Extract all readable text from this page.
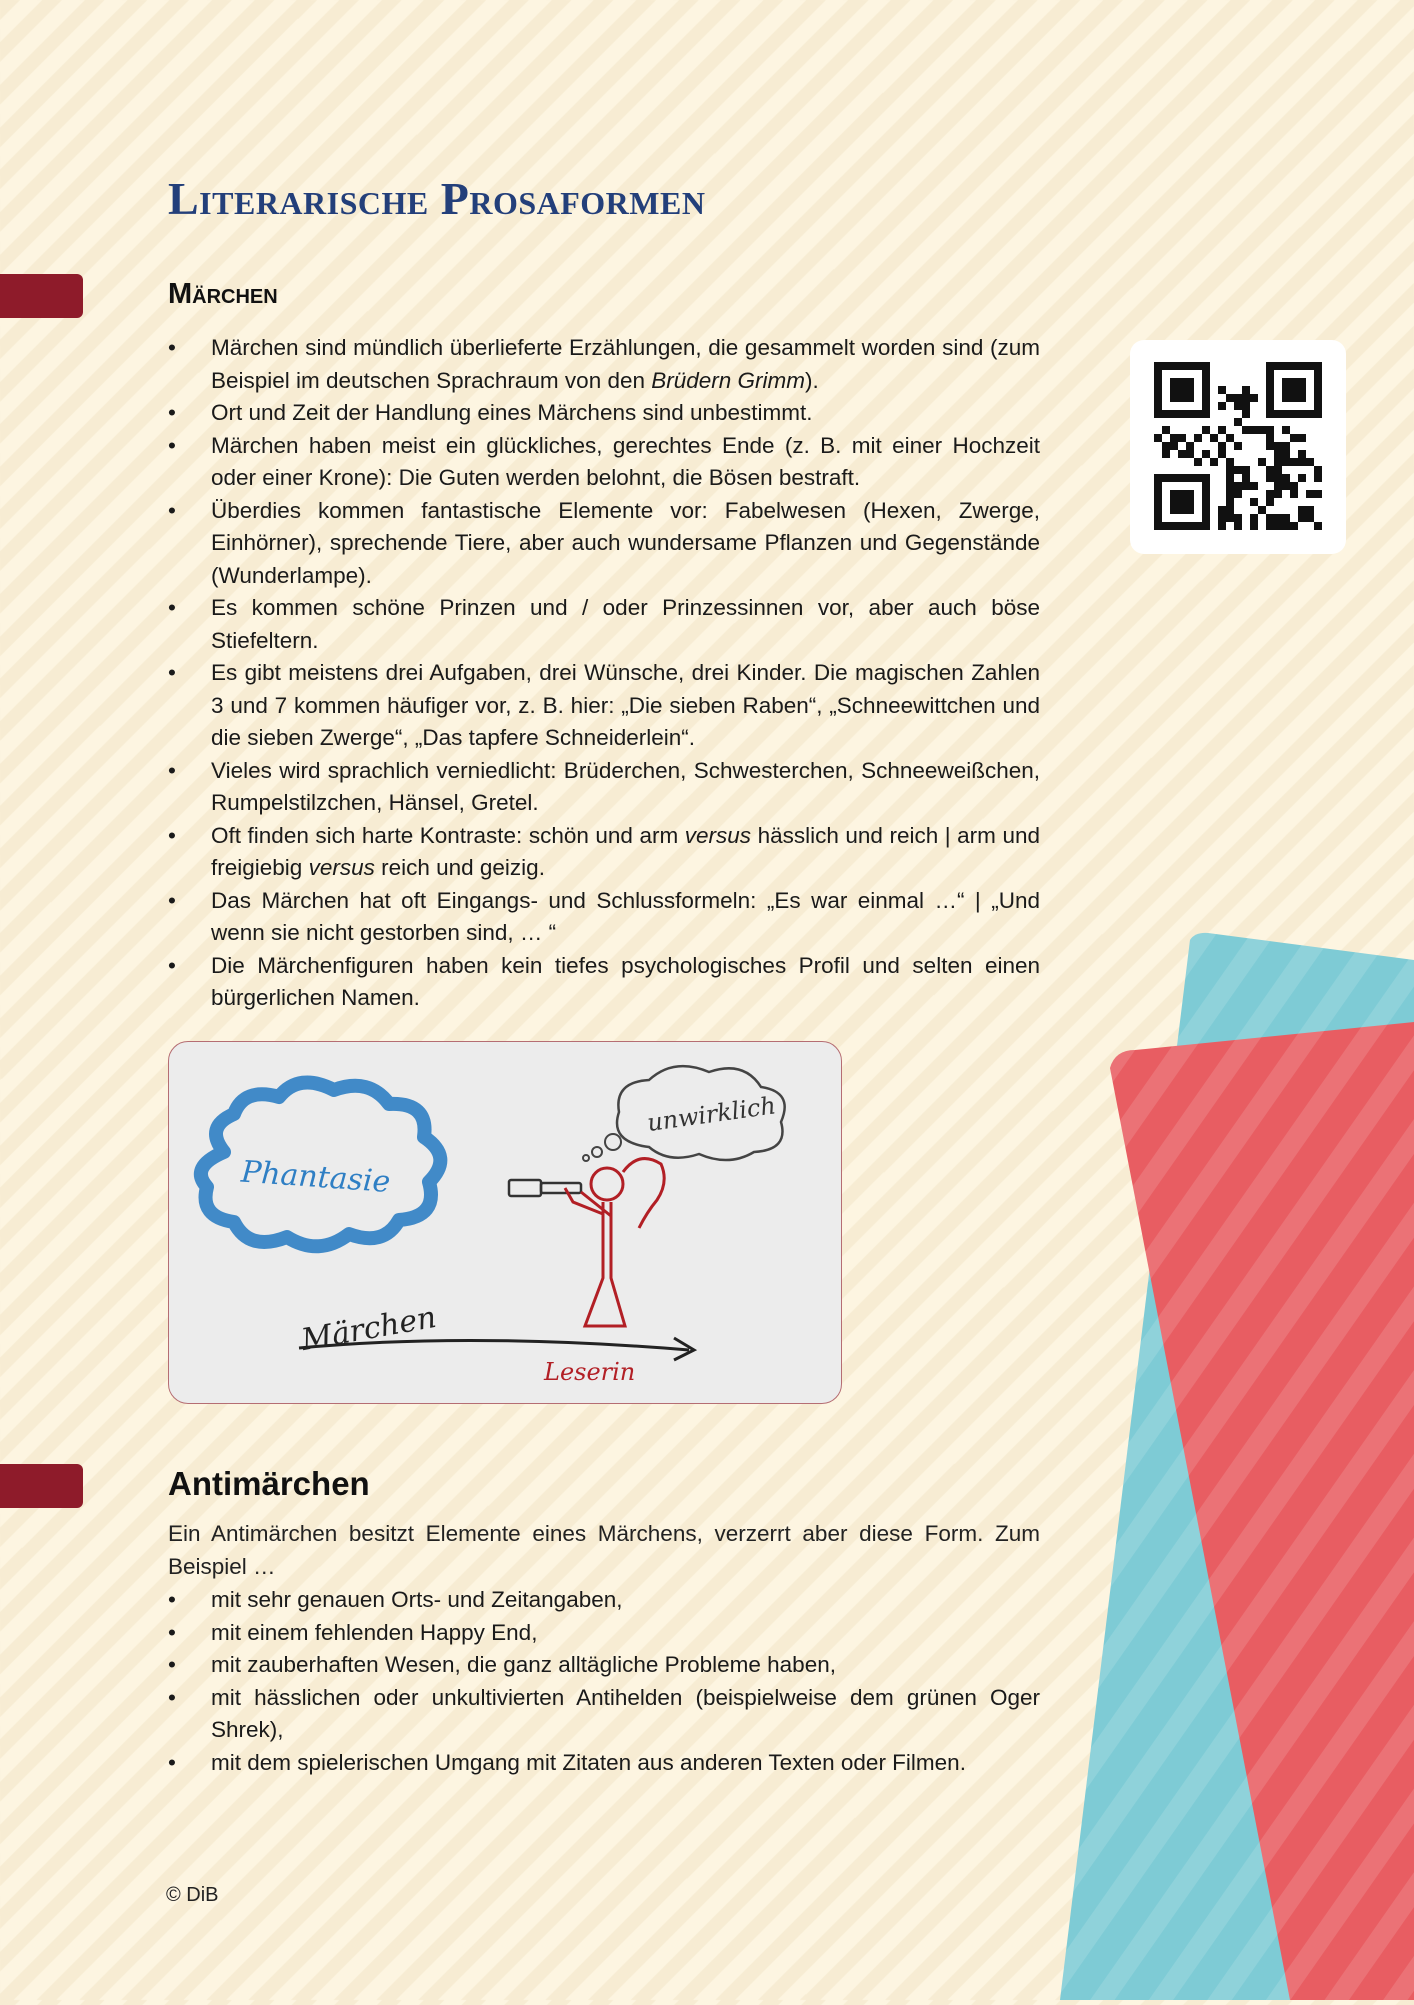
Literarische Prosaformen
Märchen
• Märchen sind mündlich überlieferte Erzählungen, die gesammelt worden sind (zum Beispiel im deutschen Sprachraum von den Brüdern Grimm).
• Ort und Zeit der Handlung eines Märchens sind unbestimmt.
• Märchen haben meist ein glückliches, gerechtes Ende (z. B. mit einer Hochzeit oder einer Krone): Die Guten werden belohnt, die Bösen bestraft.
• Überdies kommen fantastische Elemente vor: Fabelwesen (Hexen, Zwerge, Einhörner), sprechende Tiere, aber auch wundersame Pflanzen und Gegenstände (Wunderlampe).
• Es kommen schöne Prinzen und / oder Prinzessinnen vor, aber auch böse Stiefeltern.
• Es gibt meistens drei Aufgaben, drei Wünsche, drei Kinder. Die magischen Zahlen 3 und 7 kommen häufiger vor, z. B. hier: „Die sieben Raben“, „Schneewittchen und die sieben Zwerge“, „Das tapfere Schneiderlein“.
• Vieles wird sprachlich verniedlicht: Brüderchen, Schwesterchen, Schneeweißchen, Rumpelstilzchen, Hänsel, Gretel.
• Oft finden sich harte Kontraste: schön und arm versus hässlich und reich | arm und freigiebig versus reich und geizig.
• Das Märchen hat oft Eingangs- und Schlussformeln: „Es war einmal …“ | „Und wenn sie nicht gestorben sind, … “
• Die Märchenfiguren haben kein tiefes psychologisches Profil und selten einen bürgerlichen Namen.
Phantasie
unwirklich
Märchen
Leserin
Antimärchen

Ein Antimärchen besitzt Elemente eines Märchens, verzerrt aber diese Form. Zum Beispiel …

• mit sehr genauen Orts- und Zeitangaben,
• mit einem fehlenden Happy End,
• mit zauberhaften Wesen, die ganz alltägliche Probleme haben,
• mit hässlichen oder unkultivierten Antihelden (beispielweise dem grünen Oger Shrek),
• mit dem spielerischen Umgang mit Zitaten aus anderen Texten oder Filmen.
© DiB
